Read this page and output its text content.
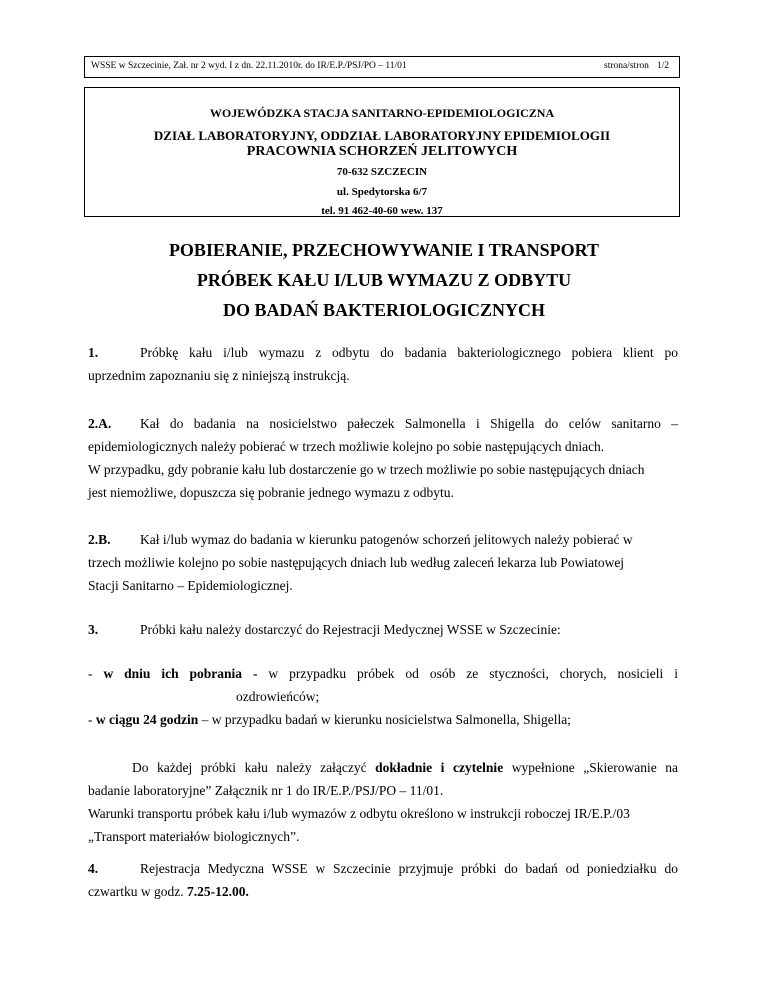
WSSE w Szczecinie, Zał. nr 2 wyd. I z dn. 22.11.2010r. do IR/E.P./PSJ/PO – 11/01	strona/stron 1/2
WOJEWÓDZKA STACJA SANITARNO-EPIDEMIOLOGICZNA
DZIAŁ LABORATORYJNY, ODDZIAŁ LABORATORYJNY EPIDEMIOLOGII
PRACOWNIA SCHORZEŃ JELITOWYCH
70-632 SZCZECIN
ul. Spedytorska 6/7
tel. 91 462-40-60 wew. 137
POBIERANIE, PRZECHOWYWANIE I TRANSPORT
PRÓBEK KAŁU I/LUB WYMAZU Z ODBYTU
DO BADAŃ BAKTERIOLOGICZNYCH
1.	Próbkę kału i/lub wymazu z odbytu do badania bakteriologicznego pobiera klient po
uprzednim zapoznaniu się z niniejszą instrukcją.
2.A. Kał do badania na nosicielstwo pałeczek Salmonella i Shigella do celów sanitarno –
epidemiologicznych należy pobierać w trzech możliwie kolejno po sobie następujących dniach.
W przypadku, gdy pobranie kału lub dostarczenie go w trzech możliwie po sobie następujących dniach
jest niemożliwe, dopuszcza się pobranie jednego wymazu z odbytu.
2.B. Kał i/lub wymaz do badania w kierunku patogenów schorzeń jelitowych należy pobierać w
trzech możliwie kolejno po sobie następujących dniach lub według zaleceń lekarza lub Powiatowej
Stacji Sanitarno – Epidemiologicznej.
3.	Próbki kału należy dostarczyć do Rejestracji Medycznej WSSE w Szczecinie:
- w dniu ich pobrania - w przypadku próbek od osób ze styczności, chorych, nosicieli i
ozdrowieńców;
- w ciągu 24 godzin – w przypadku badań w kierunku nosicielstwa Salmonella, Shigella;
Do każdej próbki kału należy załączyć dokładnie i czytelnie wypełnione „Skierowanie na
badanie laboratoryjne” Załącznik nr 1 do IR/E.P./PSJ/PO – 11/01.
Warunki transportu próbek kału i/lub wymazów z odbytu określono w instrukcji roboczej IR/E.P./03
„Transport materiałów biologicznych”.
4.	Rejestracja Medyczna WSSE w Szczecinie przyjmuje próbki do badań od poniedziałku do
czwartku w godz. 7.25-12.00.
